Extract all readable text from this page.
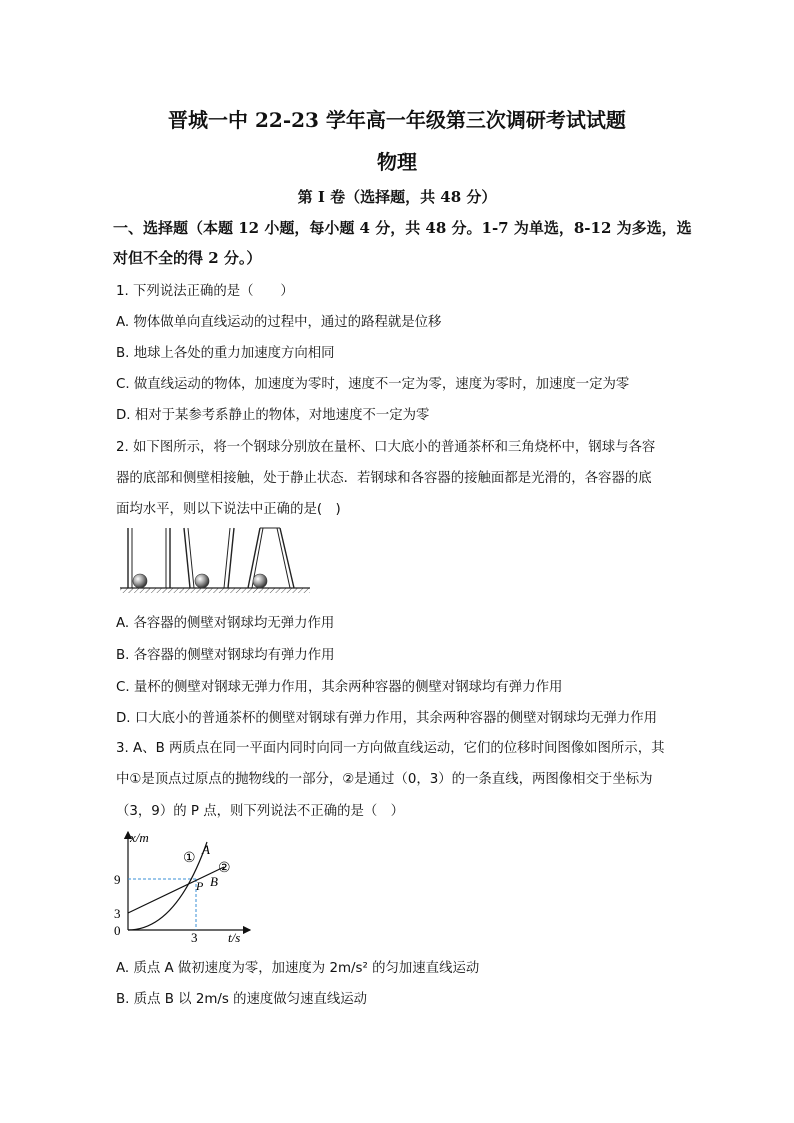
晋城一中 22-23 学年高一年级第三次调研考试试题
物理
第 I 卷（选择题，共 48 分）
一、选择题（本题 12 小题，每小题 4 分，共 48 分。1-7 为单选，8-12 为多选，选
对但不全的得 2 分。）
1. 下列说法正确的是（　　）
A. 物体做单向直线运动的过程中，通过的路程就是位移
B. 地球上各处的重力加速度方向相同
C. 做直线运动的物体，加速度为零时，速度不一定为零，速度为零时，加速度一定为零
D. 相对于某参考系静止的物体，对地速度不一定为零
2. 如下图所示，将一个钢球分别放在量杯、口大底小的普通茶杯和三角烧杯中，钢球与各容
器的底部和侧壁相接触，处于静止状态．若钢球和各容器的接触面都是光滑的，各容器的底
面均水平，则以下说法中正确的是(　)
A. 各容器的侧壁对钢球均无弹力作用
B. 各容器的侧壁对钢球均有弹力作用
C. 量杯的侧壁对钢球无弹力作用，其余两种容器的侧壁对钢球均有弹力作用
D. 口大底小的普通茶杯的侧壁对钢球有弹力作用，其余两种容器的侧壁对钢球均无弹力作用
3. A、B 两质点在同一平面内同时向同一方向做直线运动，它们的位移时间图像如图所示，其
中①是顶点过原点的抛物线的一部分，②是通过（0，3）的一条直线，两图像相交于坐标为
（3，9）的 P 点，则下列说法不正确的是（　）
x/m
t/s
0
9
3
3
①
②
A
B
P
A. 质点 A 做初速度为零，加速度为 2m/s² 的匀加速直线运动
B. 质点 B 以 2m/s 的速度做匀速直线运动
